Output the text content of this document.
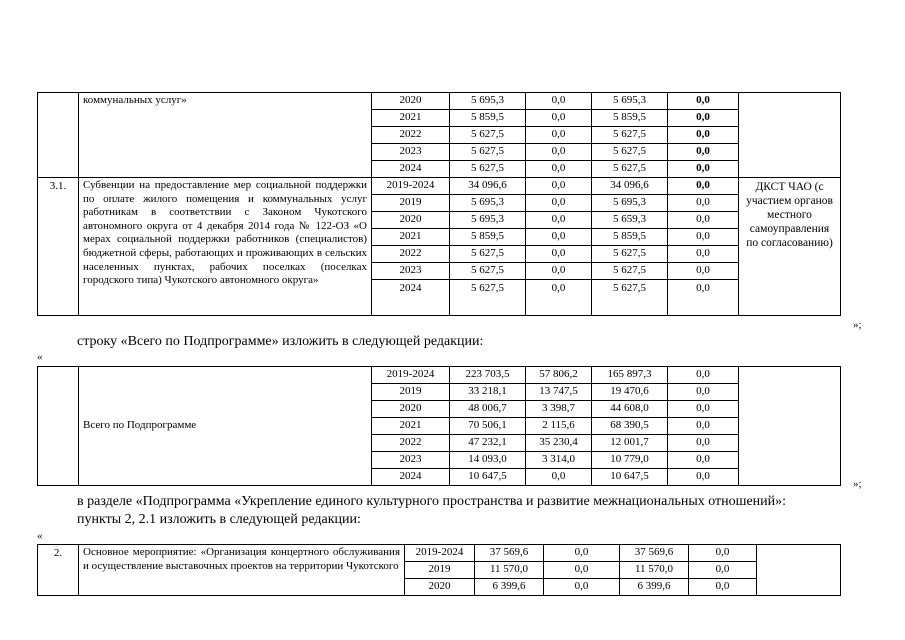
	коммунальных услуг»	2020	5 695,3	0,0	5 695,3	0,0	
		2021	5 859,5	0,0	5 859,5	0,0	
		2022	5 627,5	0,0	5 627,5	0,0	
		2023	5 627,5	0,0	5 627,5	0,0	
		2024	5 627,5	0,0	5 627,5	0,0	
3.1.	Субвенции на предоставление мер социальной поддержки по оплате жилого помещения и коммунальных услуг работникам в соответствии с Законом Чукотского автономного округа от 4 декабря 2014 года № 122-ОЗ «О мерах социальной поддержки работников (специалистов) бюджетной сферы, работающих и проживающих в сельских населенных пунктах, рабочих поселках (поселках городского типа) Чукотского автономного округа»	2019-2024	34 096,6	0,0	34 096,6	0,0	ДКСТ ЧАО (с участием органов местного самоуправления по согласованию)
		2019	5 695,3	0,0	5 695,3	0,0	
		2020	5 695,3	0,0	5 659,3	0,0	
		2021	5 859,5	0,0	5 859,5	0,0	
		2022	5 627,5	0,0	5 627,5	0,0	
		2023	5 627,5	0,0	5 627,5	0,0	
		2024	5 627,5	0,0	5 627,5	0,0	
»;
строку «Всего по Подпрограмме» изложить в следующей редакции:
«
	Всего по Подпрограмме	2019-2024	223 703,5	57 806,2	165 897,3	0,0	
		2019	33 218,1	13 747,5	19 470,6	0,0	
		2020	48 006,7	3 398,7	44 608,0	0,0	
		2021	70 506,1	2 115,6	68 390,5	0,0	
		2022	47 232,1	35 230,4	12 001,7	0,0	
		2023	14 093,0	3 314,0	10 779,0	0,0	
		2024	10 647,5	0,0	10 647,5	0,0	
»;
в разделе «Подпрограмма «Укрепление единого культурного пространства и развитие межнациональных отношений»:
пункты 2, 2.1 изложить в следующей редакции:
«
2.	Основное мероприятие: «Организация концертного обслуживания и осуществление выставочных проектов на территории Чукотского	2019-2024	37 569,6	0,0	37 569,6	0,0	
		2019	11 570,0	0,0	11 570,0	0,0	
		2020	6 399,6	0,0	6 399,6	0,0	
